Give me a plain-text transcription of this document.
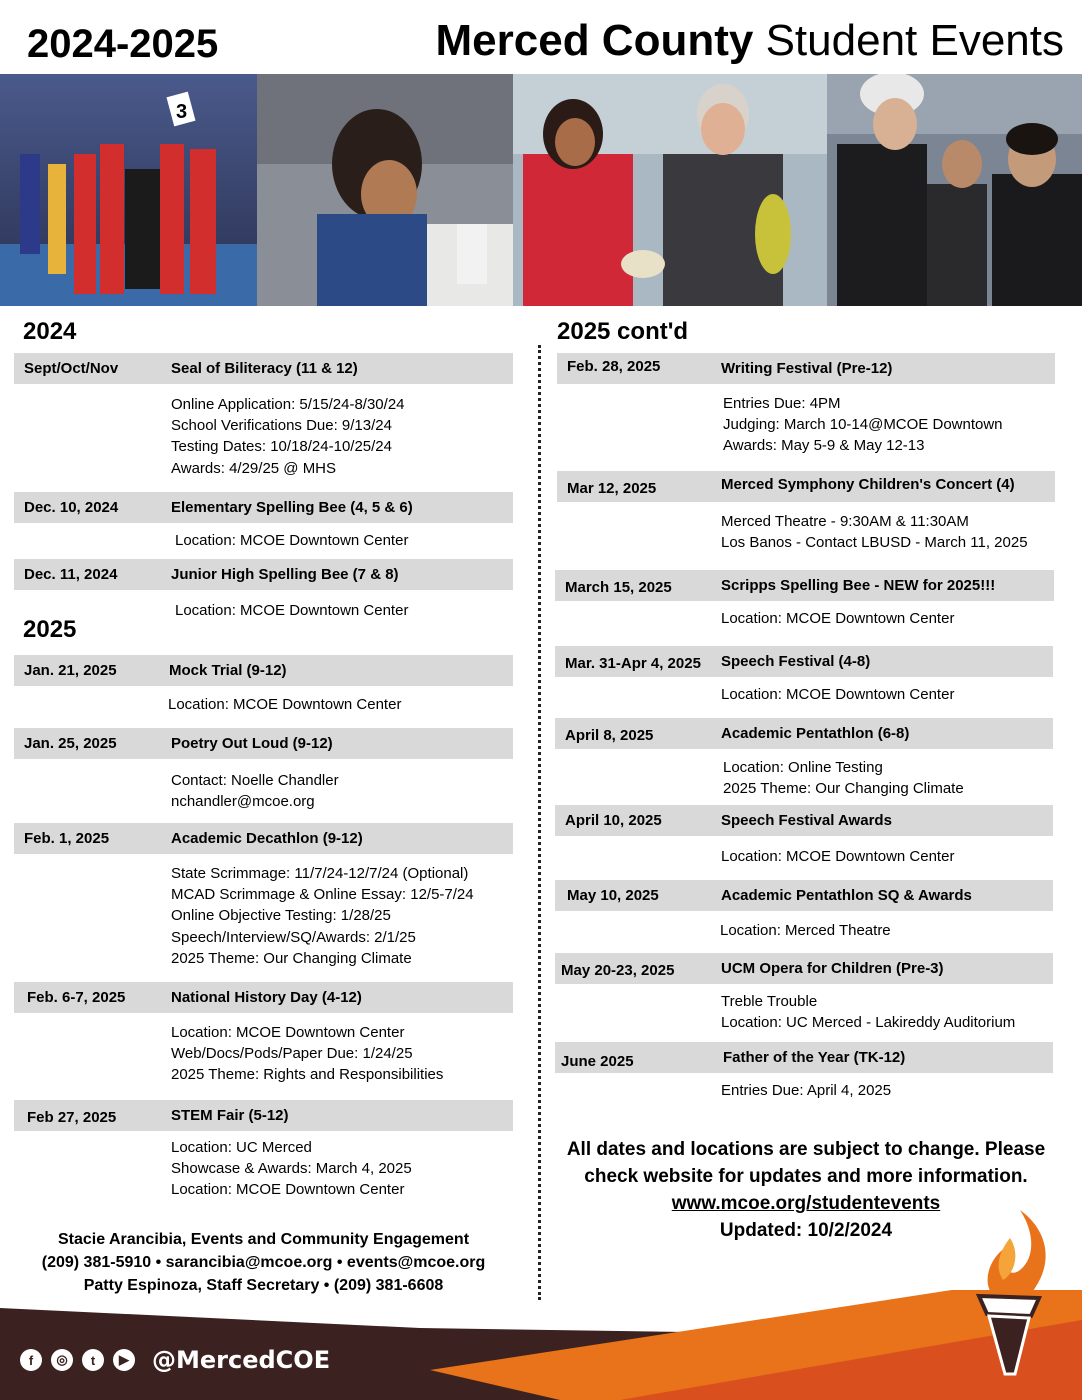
2024-2025	Merced County Student Events
3
2024
Sept/Oct/Nov	Seal of Biliteracy (11 & 12)
Online Application: 5/15/24-8/30/24
School Verifications Due: 9/13/24
Testing Dates: 10/18/24-10/25/24
Awards: 4/29/25 @ MHS
Dec. 10, 2024	Elementary Spelling Bee (4, 5 & 6)
Location: MCOE Downtown Center
Dec. 11, 2024	Junior High Spelling Bee (7 & 8)
Location: MCOE Downtown Center
2025
Jan. 21, 2025	Mock Trial (9-12)
Location: MCOE Downtown Center
Jan. 25, 2025	Poetry Out Loud (9-12)
Contact: Noelle Chandler
nchandler@mcoe.org
Feb. 1, 2025	Academic Decathlon (9-12)
State Scrimmage: 11/7/24-12/7/24 (Optional)
MCAD Scrimmage & Online Essay: 12/5-7/24
Online Objective Testing: 1/28/25
Speech/Interview/SQ/Awards: 2/1/25
2025 Theme: Our Changing Climate
Feb. 6-7, 2025	National History Day (4-12)
Location: MCOE Downtown Center
Web/Docs/Pods/Paper Due: 1/24/25
2025 Theme: Rights and Responsibilities
Feb 27, 2025	STEM Fair (5-12)
Location: UC Merced
Showcase & Awards: March 4, 2025
Location: MCOE Downtown Center
Stacie Arancibia, Events and Community Engagement
(209) 381-5910 • sarancibia@mcoe.org • events@mcoe.org
Patty Espinoza, Staff Secretary • (209) 381-6608
2025 cont'd
Feb. 28, 2025	Writing Festival (Pre-12)
Entries Due: 4PM
Judging: March 10-14@MCOE Downtown
Awards: May 5-9 & May 12-13
Mar 12, 2025	Merced Symphony Children's Concert (4)
Merced Theatre - 9:30AM & 11:30AM
Los Banos - Contact LBUSD - March 11, 2025
March 15, 2025	Scripps Spelling Bee - NEW for 2025!!!
Location: MCOE Downtown Center
Mar. 31-Apr 4, 2025 Speech Festival (4-8)
Location: MCOE Downtown Center
April 8, 2025	Academic Pentathlon (6-8)
Location: Online Testing
2025 Theme: Our Changing Climate
April 10, 2025	Speech Festival Awards
Location: MCOE Downtown Center
May 10, 2025	Academic Pentathlon SQ & Awards
Location: Merced Theatre
May 20-23, 2025	UCM Opera for Children (Pre-3)
Treble Trouble
Location: UC Merced - Lakireddy Auditorium
June 2025	Father of the Year (TK-12)
Entries Due: April 4, 2025
All dates and locations are subject to change. Please
check website for updates and more information.
www.mcoe.org/studentevents
Updated: 10/2/2024
f	◎	t	▶ @MercedCOE
